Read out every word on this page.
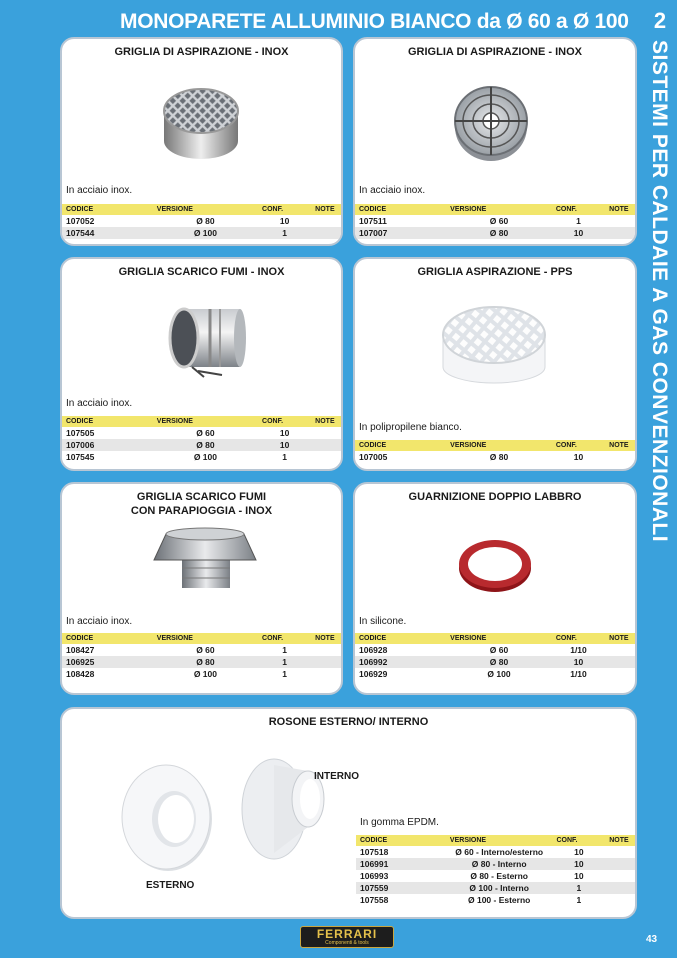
MONOPARETE ALLUMINIO BIANCO da Ø 60 a Ø 100	2
SISTEMI PER CALDAIE A GAS CONVENZIONALI
GRIGLIA DI ASPIRAZIONE - INOX
In acciaio inox.
CODICE	VERSIONE	CONF.	NOTE
107052	Ø 80	10	
107544	Ø 100	1	
GRIGLIA DI ASPIRAZIONE - INOX
In acciaio inox.
CODICE	VERSIONE	CONF.	NOTE
107511	Ø 60	1	
107007	Ø 80	10	
GRIGLIA SCARICO FUMI - INOX
In acciaio inox.
CODICE	VERSIONE	CONF.	NOTE
107505	Ø 60	10	
107006	Ø 80	10	
107545	Ø 100	1	
GRIGLIA ASPIRAZIONE - PPS
In polipropilene bianco.
CODICE	VERSIONE	CONF.	NOTE
107005	Ø 80	10	
GRIGLIA SCARICO FUMI
CON PARAPIOGGIA - INOX
In acciaio inox.
CODICE	VERSIONE	CONF.	NOTE
108427	Ø 60	1	
106925	Ø 80	1	
108428	Ø 100	1	
GUARNIZIONE DOPPIO LABBRO
In silicone.
CODICE	VERSIONE	CONF.	NOTE
106928	Ø 60	1/10	
106992	Ø 80	10	
106929	Ø 100	1/10	
ROSONE ESTERNO/ INTERNO
INTERNO
ESTERNO
In gomma EPDM.
CODICE	VERSIONE	CONF.	NOTE
107518	Ø 60 - Interno/esterno	10	
106991	Ø 80 - Interno	10	
106993	Ø 80 - Esterno	10	
107559	Ø 100 - Interno	1	
107558	Ø 100 - Esterno	1	
FERRARI
Componenti & tools	43
